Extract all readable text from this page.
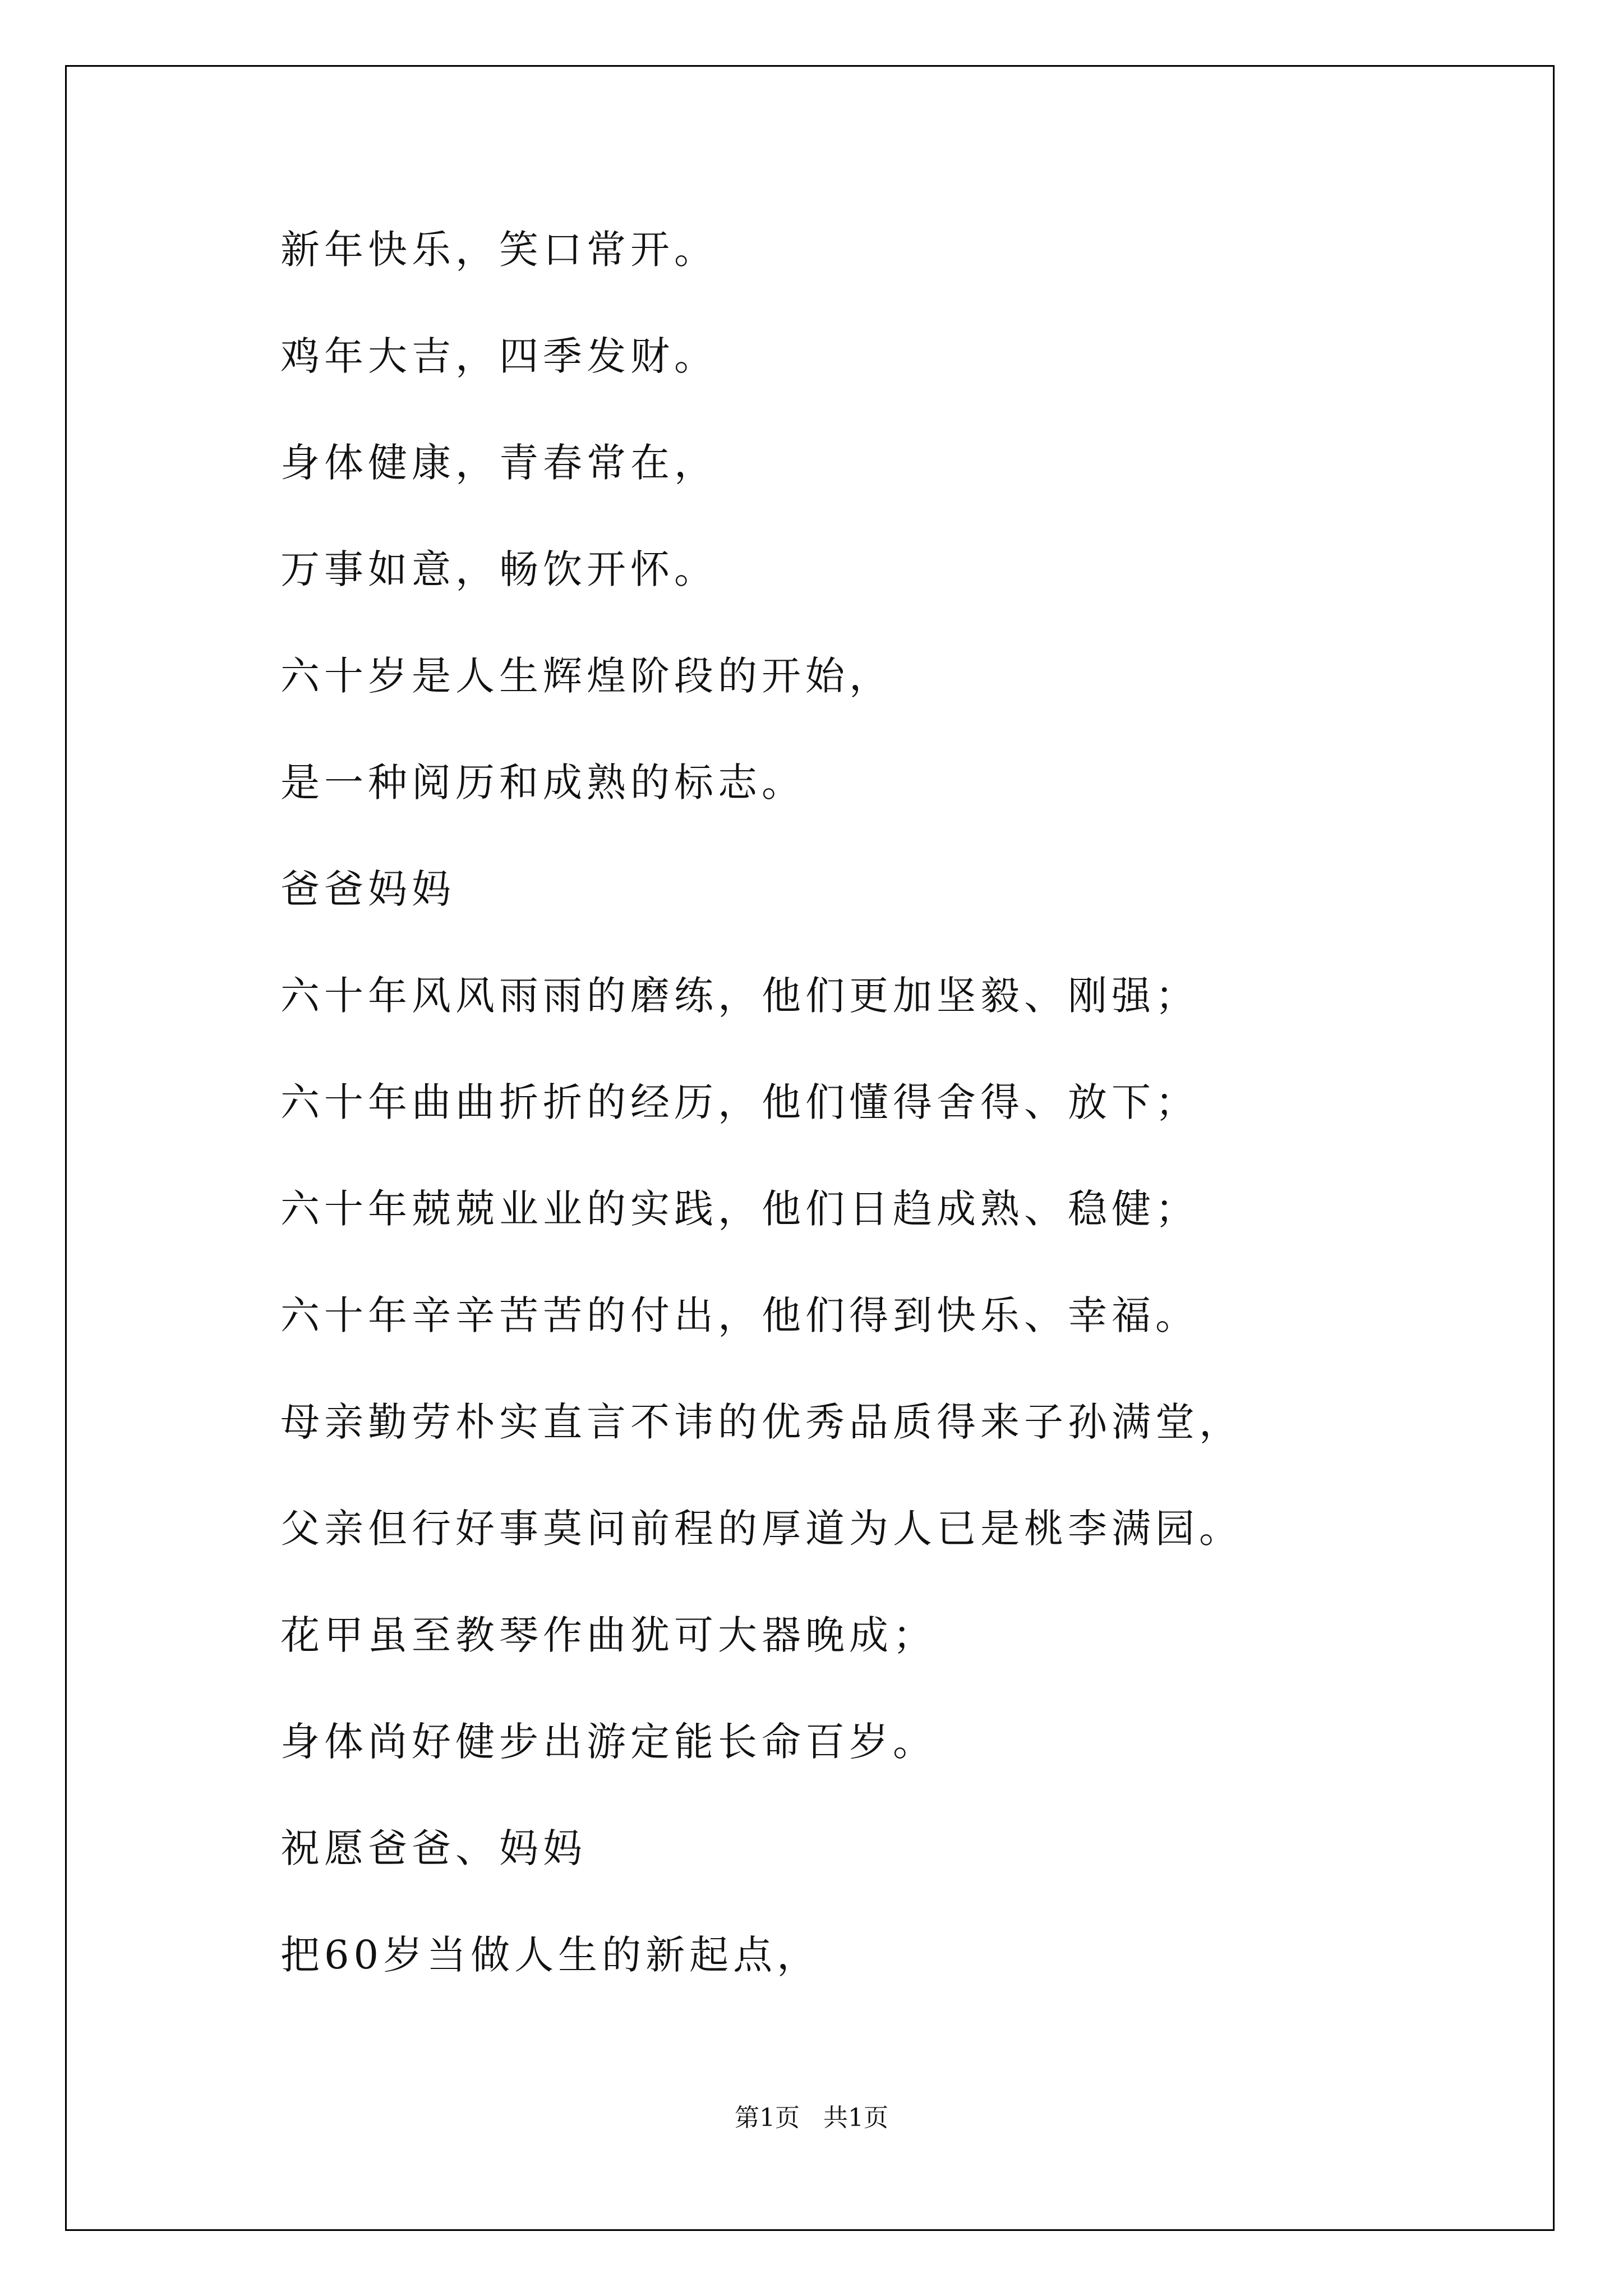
新年快乐，笑口常开。
鸡年大吉，四季发财。
身体健康，青春常在，
万事如意，畅饮开怀。
六十岁是人生辉煌阶段的开始，
是一种阅历和成熟的标志。
爸爸妈妈
六十年风风雨雨的磨练，他们更加坚毅、刚强；
六十年曲曲折折的经历，他们懂得舍得、放下；
六十年兢兢业业的实践，他们日趋成熟、稳健；
六十年辛辛苦苦的付出，他们得到快乐、幸福。
母亲勤劳朴实直言不讳的优秀品质得来子孙满堂，
父亲但行好事莫问前程的厚道为人已是桃李满园。
花甲虽至教琴作曲犹可大器晚成；
身体尚好健步出游定能长命百岁。
祝愿爸爸、妈妈
把60岁当做人生的新起点，
第1页   共1页
